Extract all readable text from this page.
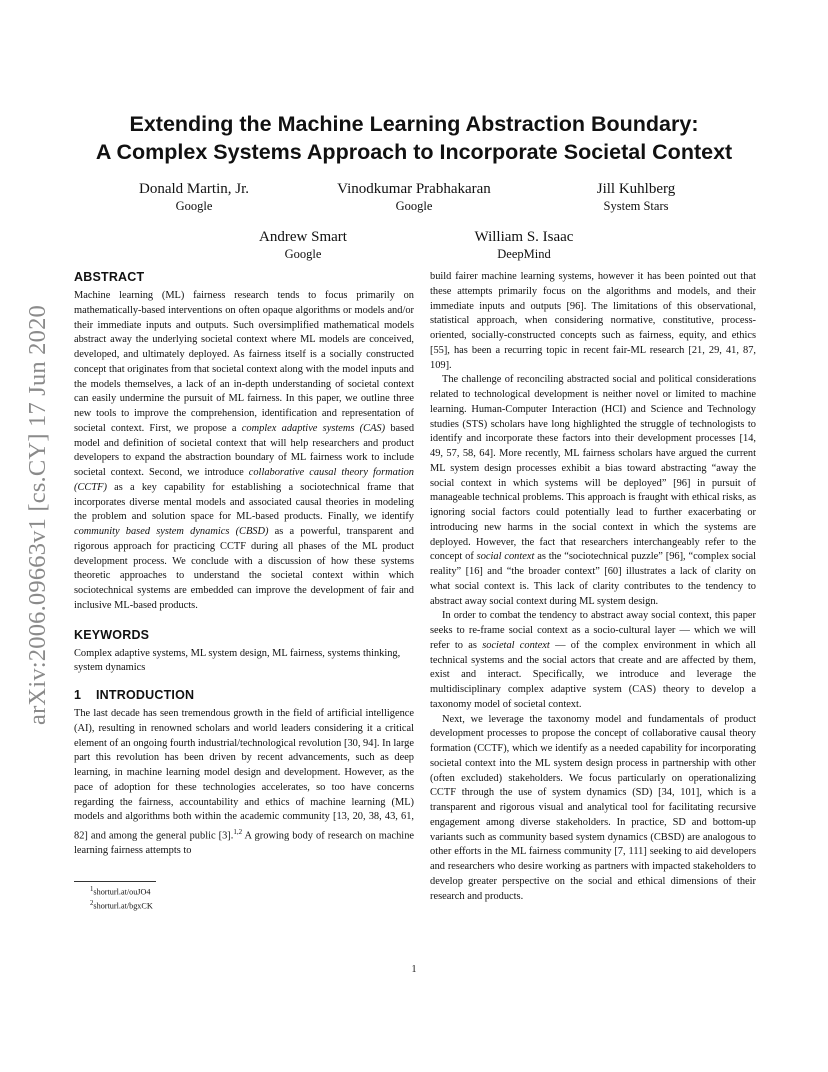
arXiv:2006.09663v1 [cs.CY] 17 Jun 2020
Extending the Machine Learning Abstraction Boundary:
A Complex Systems Approach to Incorporate Societal Context
Donald Martin, Jr.
Google
Vinodkumar Prabhakaran
Google
Jill Kuhlberg
System Stars
Andrew Smart
Google
William S. Isaac
DeepMind
ABSTRACT

Machine learning (ML) fairness research tends to focus primarily on mathematically-based interventions on often opaque algorithms or models and/or their immediate inputs and outputs. Such oversimplified mathematical models abstract away the underlying societal context where ML models are conceived, developed, and ultimately deployed. As fairness itself is a socially constructed concept that originates from that societal context along with the model inputs and the models themselves, a lack of an in-depth understanding of societal context can easily undermine the pursuit of ML fairness. In this paper, we outline three new tools to improve the comprehension, identification and representation of societal context. First, we propose a complex adaptive systems (CAS) based model and definition of societal context that will help researchers and product developers to expand the abstraction boundary of ML fairness work to include societal context. Second, we introduce collaborative causal theory formation (CCTF) as a key capability for establishing a sociotechnical frame that incorporates diverse mental models and associated causal theories in modeling the problem and solution space for ML-based products. Finally, we identify community based system dynamics (CBSD) as a powerful, transparent and rigorous approach for practicing CCTF during all phases of the ML product development process. We conclude with a discussion of how these systems theoretic approaches to understand the societal context within which sociotechnical systems are embedded can improve the development of fair and inclusive ML-based products.

KEYWORDS

Complex adaptive systems, ML system design, ML fairness, systems thinking, system dynamics

1 INTRODUCTION

The last decade has seen tremendous growth in the field of artificial intelligence (AI), resulting in renowned scholars and world leaders considering it a critical element of an ongoing fourth industrial/technological revolution [30, 94]. In large part this revolution has been driven by recent advancements, such as deep learning, in machine learning model design and development. However, as the pace of adoption for these technologies accelerates, so too have concerns regarding the fairness, accountability and ethics of machine learning (ML) models and algorithms both within the academic community [13, 20, 38, 43, 61, 82] and among the general public [3].$^{1,2}$ A growing body of research on machine learning fairness attempts to

$^1$shorturl.at/ouJO4
$^2$shorturl.at/bgxCK

build fairer machine learning systems, however it has been pointed out that these attempts primarily focus on the algorithms and models, and their immediate inputs and outputs [96]. The limitations of this observational, statistical approach, when considering normative, constitutive, process-oriented, socially-constructed concepts such as fairness, equity, and ethics [55], has been a recurring topic in recent fair-ML research [21, 29, 41, 87, 109].

The challenge of reconciling abstracted social and political considerations related to technological development is neither novel or limited to machine learning. Human-Computer Interaction (HCI) and Science and Technology studies (STS) scholars have long highlighted the struggle of technologists to identify and incorporate these factors into their development processes [14, 49, 57, 58, 64]. More recently, ML fairness scholars have argued the current ML system design processes exhibit a bias toward abstracting “away the social context in which systems will be deployed” [96] in pursuit of manageable technical problems. This approach is fraught with ethical risks, as ignoring social factors could potentially lead to further exacerbating or introducing new harms in the social context in which the systems are deployed. However, the fact that researchers interchangeably refer to the concept of social context as the “sociotechnical puzzle” [96], “complex social reality” [16] and “the broader context” [60] illustrates a lack of clarity on what social context is. This lack of clarity contributes to the tendency to abstract away social context during ML system design.

In order to combat the tendency to abstract away social context, this paper seeks to re-frame social context as a socio-cultural layer — which we will refer to as societal context — of the complex environment in which all technical systems and the social actors that create and are affected by them, exist and interact. Specifically, we introduce and leverage the multidisciplinary complex adaptive system (CAS) theory to develop a taxonomy model of societal context.

Next, we leverage the taxonomy model and fundamentals of product development processes to propose the concept of collaborative causal theory formation (CCTF), which we identify as a needed capability for incorporating societal context into the ML system design process in partnership with other (often excluded) stakeholders. We focus particularly on operationalizing CCTF through the use of system dynamics (SD) [34, 101], which is a transparent and rigorous visual and analytical tool for facilitating recursive engagement among diverse stakeholders. In practice, SD and bottom-up variants such as community based system dynamics (CBSD) are analogous to other efforts in the ML fairness community [7, 111] seeking to aid developers and researchers who desire working as partners with impacted stakeholders to develop greater perspective on the social and ethical dimensions of their research and products.

1
